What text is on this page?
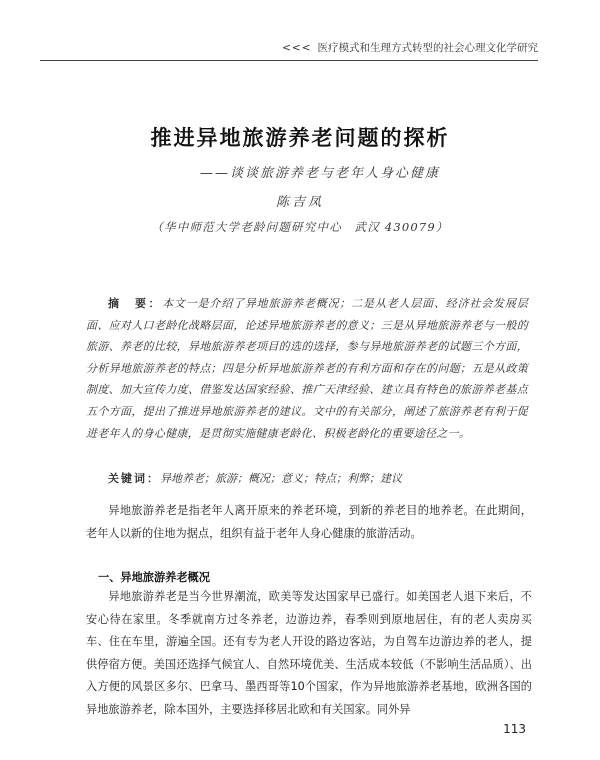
<<< 医疗模式和生理方式转型的社会心理文化学研究
推进异地旅游养老问题的探析
——谈谈旅游养老与老年人身心健康
陈吉凤
（华中师范大学老龄问题研究中心　武汉 430079）

摘　要：本文一是介绍了异地旅游养老概况；二是从老人层面、经济社会发展层面、应对人口老龄化战略层面，论述异地旅游养老的意义；三是从异地旅游养老与一般的旅游、养老的比较，异地旅游养老项目的选的选择，参与异地旅游养老的试题三个方面，分析异地旅游养老的特点；四是分析异地旅游养老的有利方面和存在的问题；五是从政策制度、加大宣传力度、借鉴发达国家经验、推广天津经验、建立具有特色的旅游养老基点五个方面，提出了推进异地旅游养老的建议。文中的有关部分，阐述了旅游养老有利于促进老年人的身心健康，是贯彻实施健康老龄化、积极老龄化的重要途径之一。

关键词：异地养老；旅游；概况；意义；特点；利弊；建议

异地旅游养老是指老年人离开原来的养老环境，到新的养老目的地养老。在此期间，老年人以新的住地为据点，组织有益于老年人身心健康的旅游活动。

一、异地旅游养老概况

异地旅游养老是当今世界潮流，欧美等发达国家早已盛行。如美国老人退下来后，不安心待在家里。冬季就南方过冬养老，边游边养，春季则到原地居住，有的老人卖房买车、住在车里，游遍全国。还有专为老人开设的路边客站，为自驾车边游边养的老人，提供停宿方便。美国还选择气候宜人、自然环境优美、生活成本较低（不影响生活品质）、出入方便的风景区多尔、巴拿马、墨西哥等10个国家，作为异地旅游养老基地，欧洲各国的异地旅游养老，除本国外，主要选择移居北欧和有关国家。同外异

113
